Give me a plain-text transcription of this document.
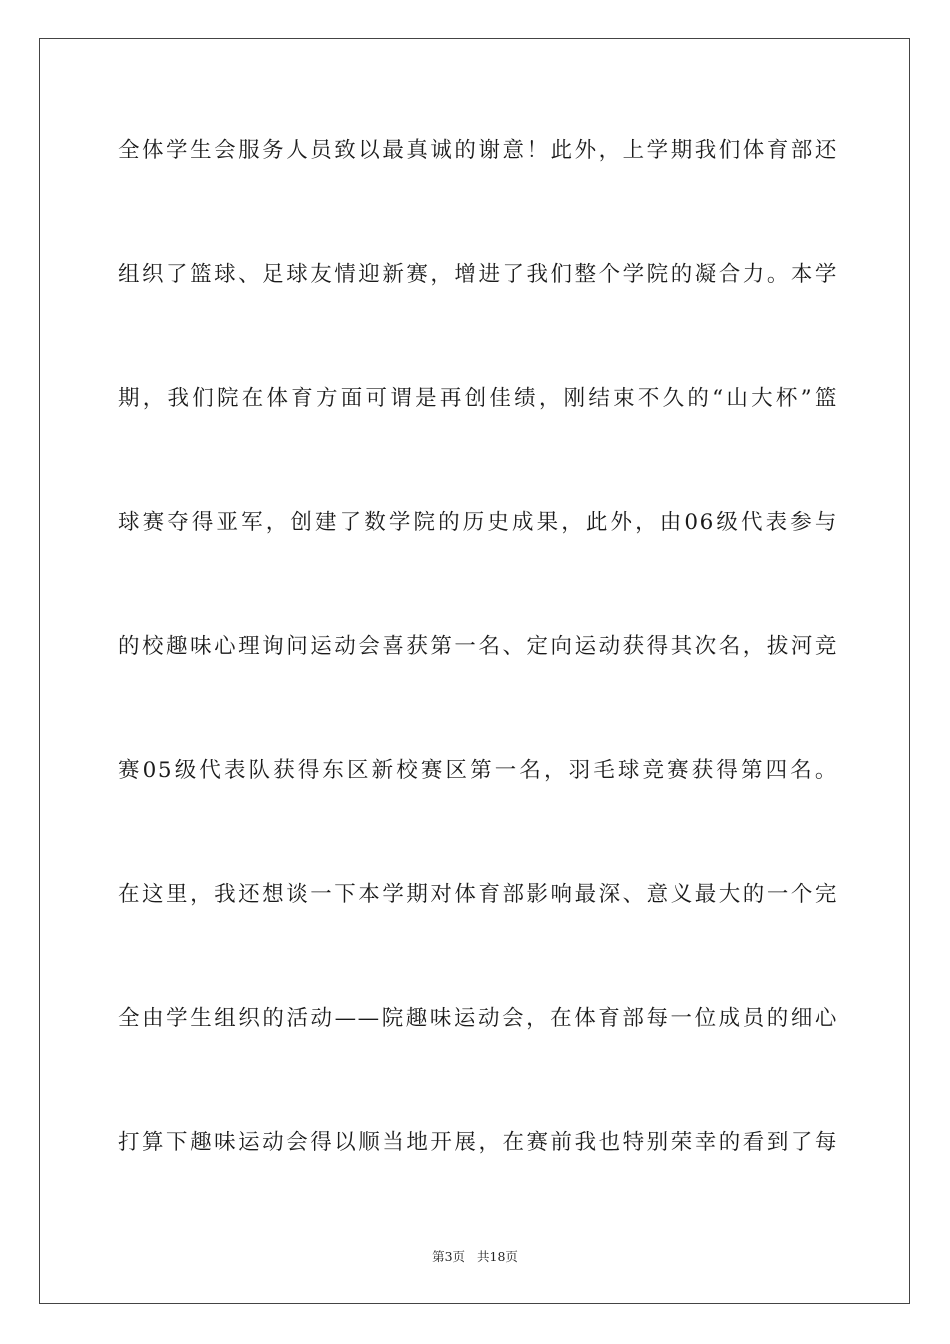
全体学生会服务人员致以最真诚的谢意！此外，上学期我们体育部还
组织了篮球、足球友情迎新赛，增进了我们整个学院的凝合力。本学
期，我们院在体育方面可谓是再创佳绩，刚结束不久的“山大杯”篮
球赛夺得亚军，创建了数学院的历史成果，此外，由06级代表参与
的校趣味心理询问运动会喜获第一名、定向运动获得其次名，拔河竞
赛05级代表队获得东区新校赛区第一名，羽毛球竞赛获得第四名。
在这里，我还想谈一下本学期对体育部影响最深、意义最大的一个完
全由学生组织的活动——院趣味运动会，在体育部每一位成员的细心
打算下趣味运动会得以顺当地开展，在赛前我也特别荣幸的看到了每
第3页 共18页
